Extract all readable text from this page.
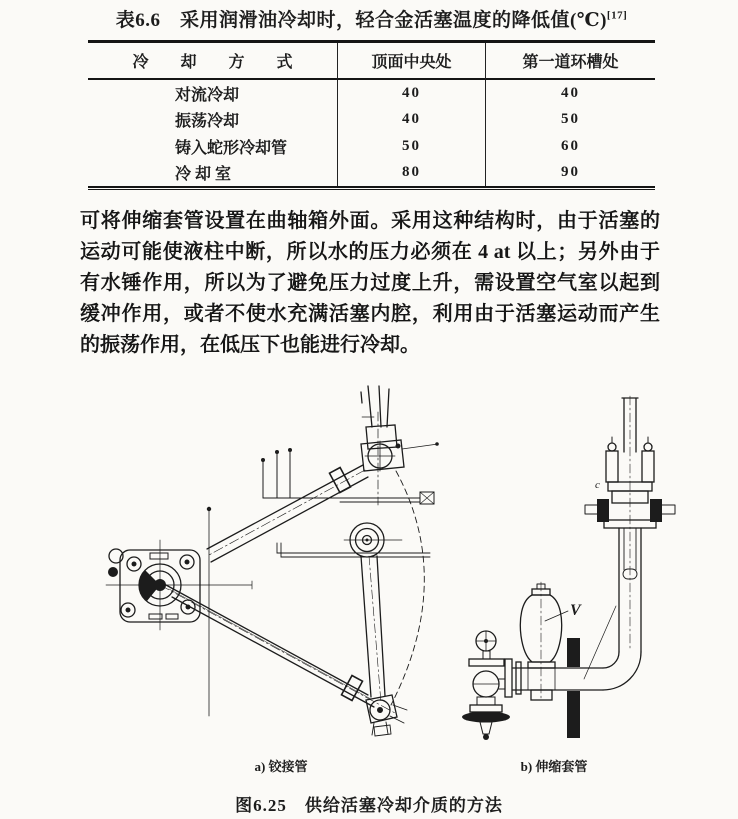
表6.6　采用润滑油冷却时，轻合金活塞温度的降低值(℃)[17]
冷　却　方　式	顶面中央处	第一道环槽处
对流冷却	40	40
振荡冷却	40	50
铸入蛇形冷却管	50	60
冷 却 室	80	90
可将伸缩套管设置在曲轴箱外面。采用这种结构时，由于活塞的
运动可能使液柱中断，所以水的压力必须在 4 at 以上；另外由于
有水锤作用，所以为了避免压力过度上升，需设置空气室以起到
缓冲作用，或者不使水充满活塞内腔，利用由于活塞运动而产生
的振荡作用，在低压下也能进行冷却。
V
c
a) 铰接管	b) 伸缩套管
图6.25　供给活塞冷却介质的方法
